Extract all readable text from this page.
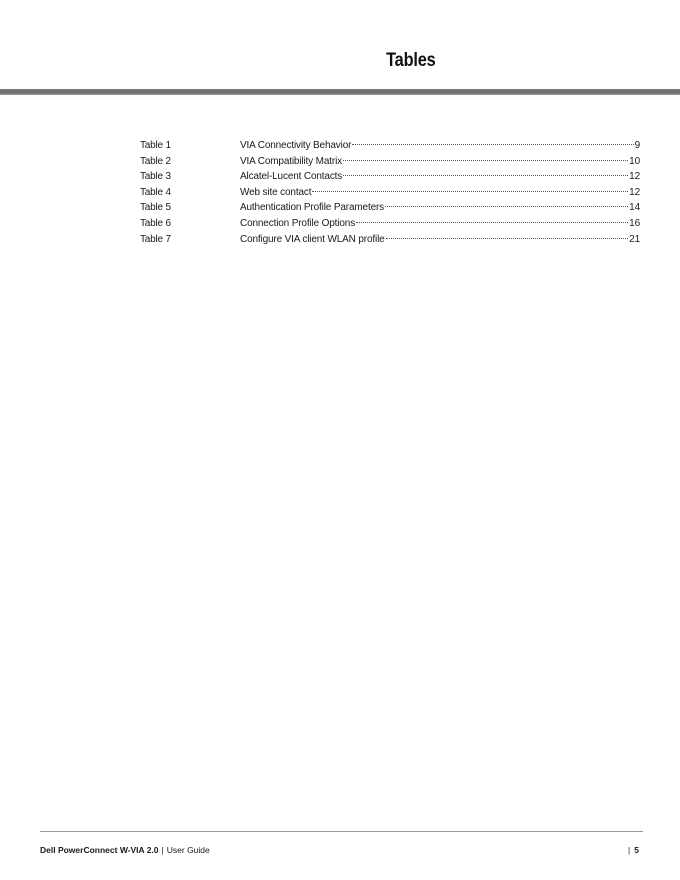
Tables
Table 1	VIA Connectivity Behavior	9
Table 2	VIA Compatibility Matrix	10
Table 3	Alcatel-Lucent Contacts	12
Table 4	Web site contact	12
Table 5	Authentication Profile Parameters	14
Table 6	Connection Profile Options	16
Table 7	Configure VIA client WLAN profile	21
Dell PowerConnect W-VIA 2.0 | User Guide	| 5
